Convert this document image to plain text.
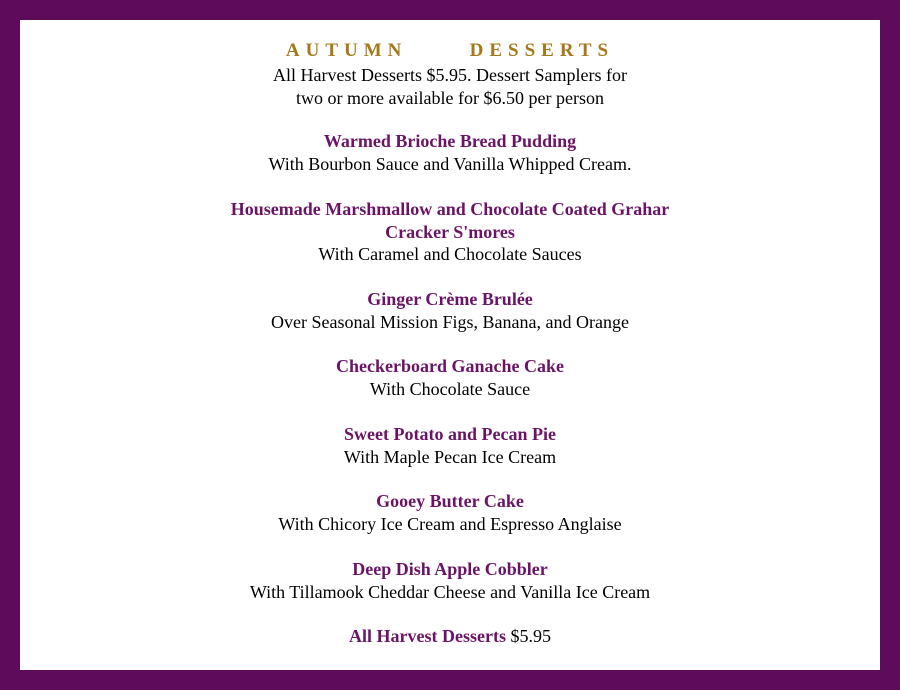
AUTUMN   DESSERTS
All Harvest Desserts $5.95. Dessert Samplers for
two or more available for $6.50 per person
Warmed Brioche Bread Pudding
With Bourbon Sauce and Vanilla Whipped Cream.
Housemade Marshmallow and Chocolate Coated Grahar
Cracker S'mores
With Caramel and Chocolate Sauces
Ginger Crème Brulée
Over Seasonal Mission Figs, Banana, and Orange
Checkerboard Ganache Cake
With Chocolate Sauce
Sweet Potato and Pecan Pie
With Maple Pecan Ice Cream
Gooey Butter Cake
With Chicory Ice Cream and Espresso Anglaise
Deep Dish Apple Cobbler
With Tillamook Cheddar Cheese and Vanilla Ice Cream
All Harvest Desserts $5.95
